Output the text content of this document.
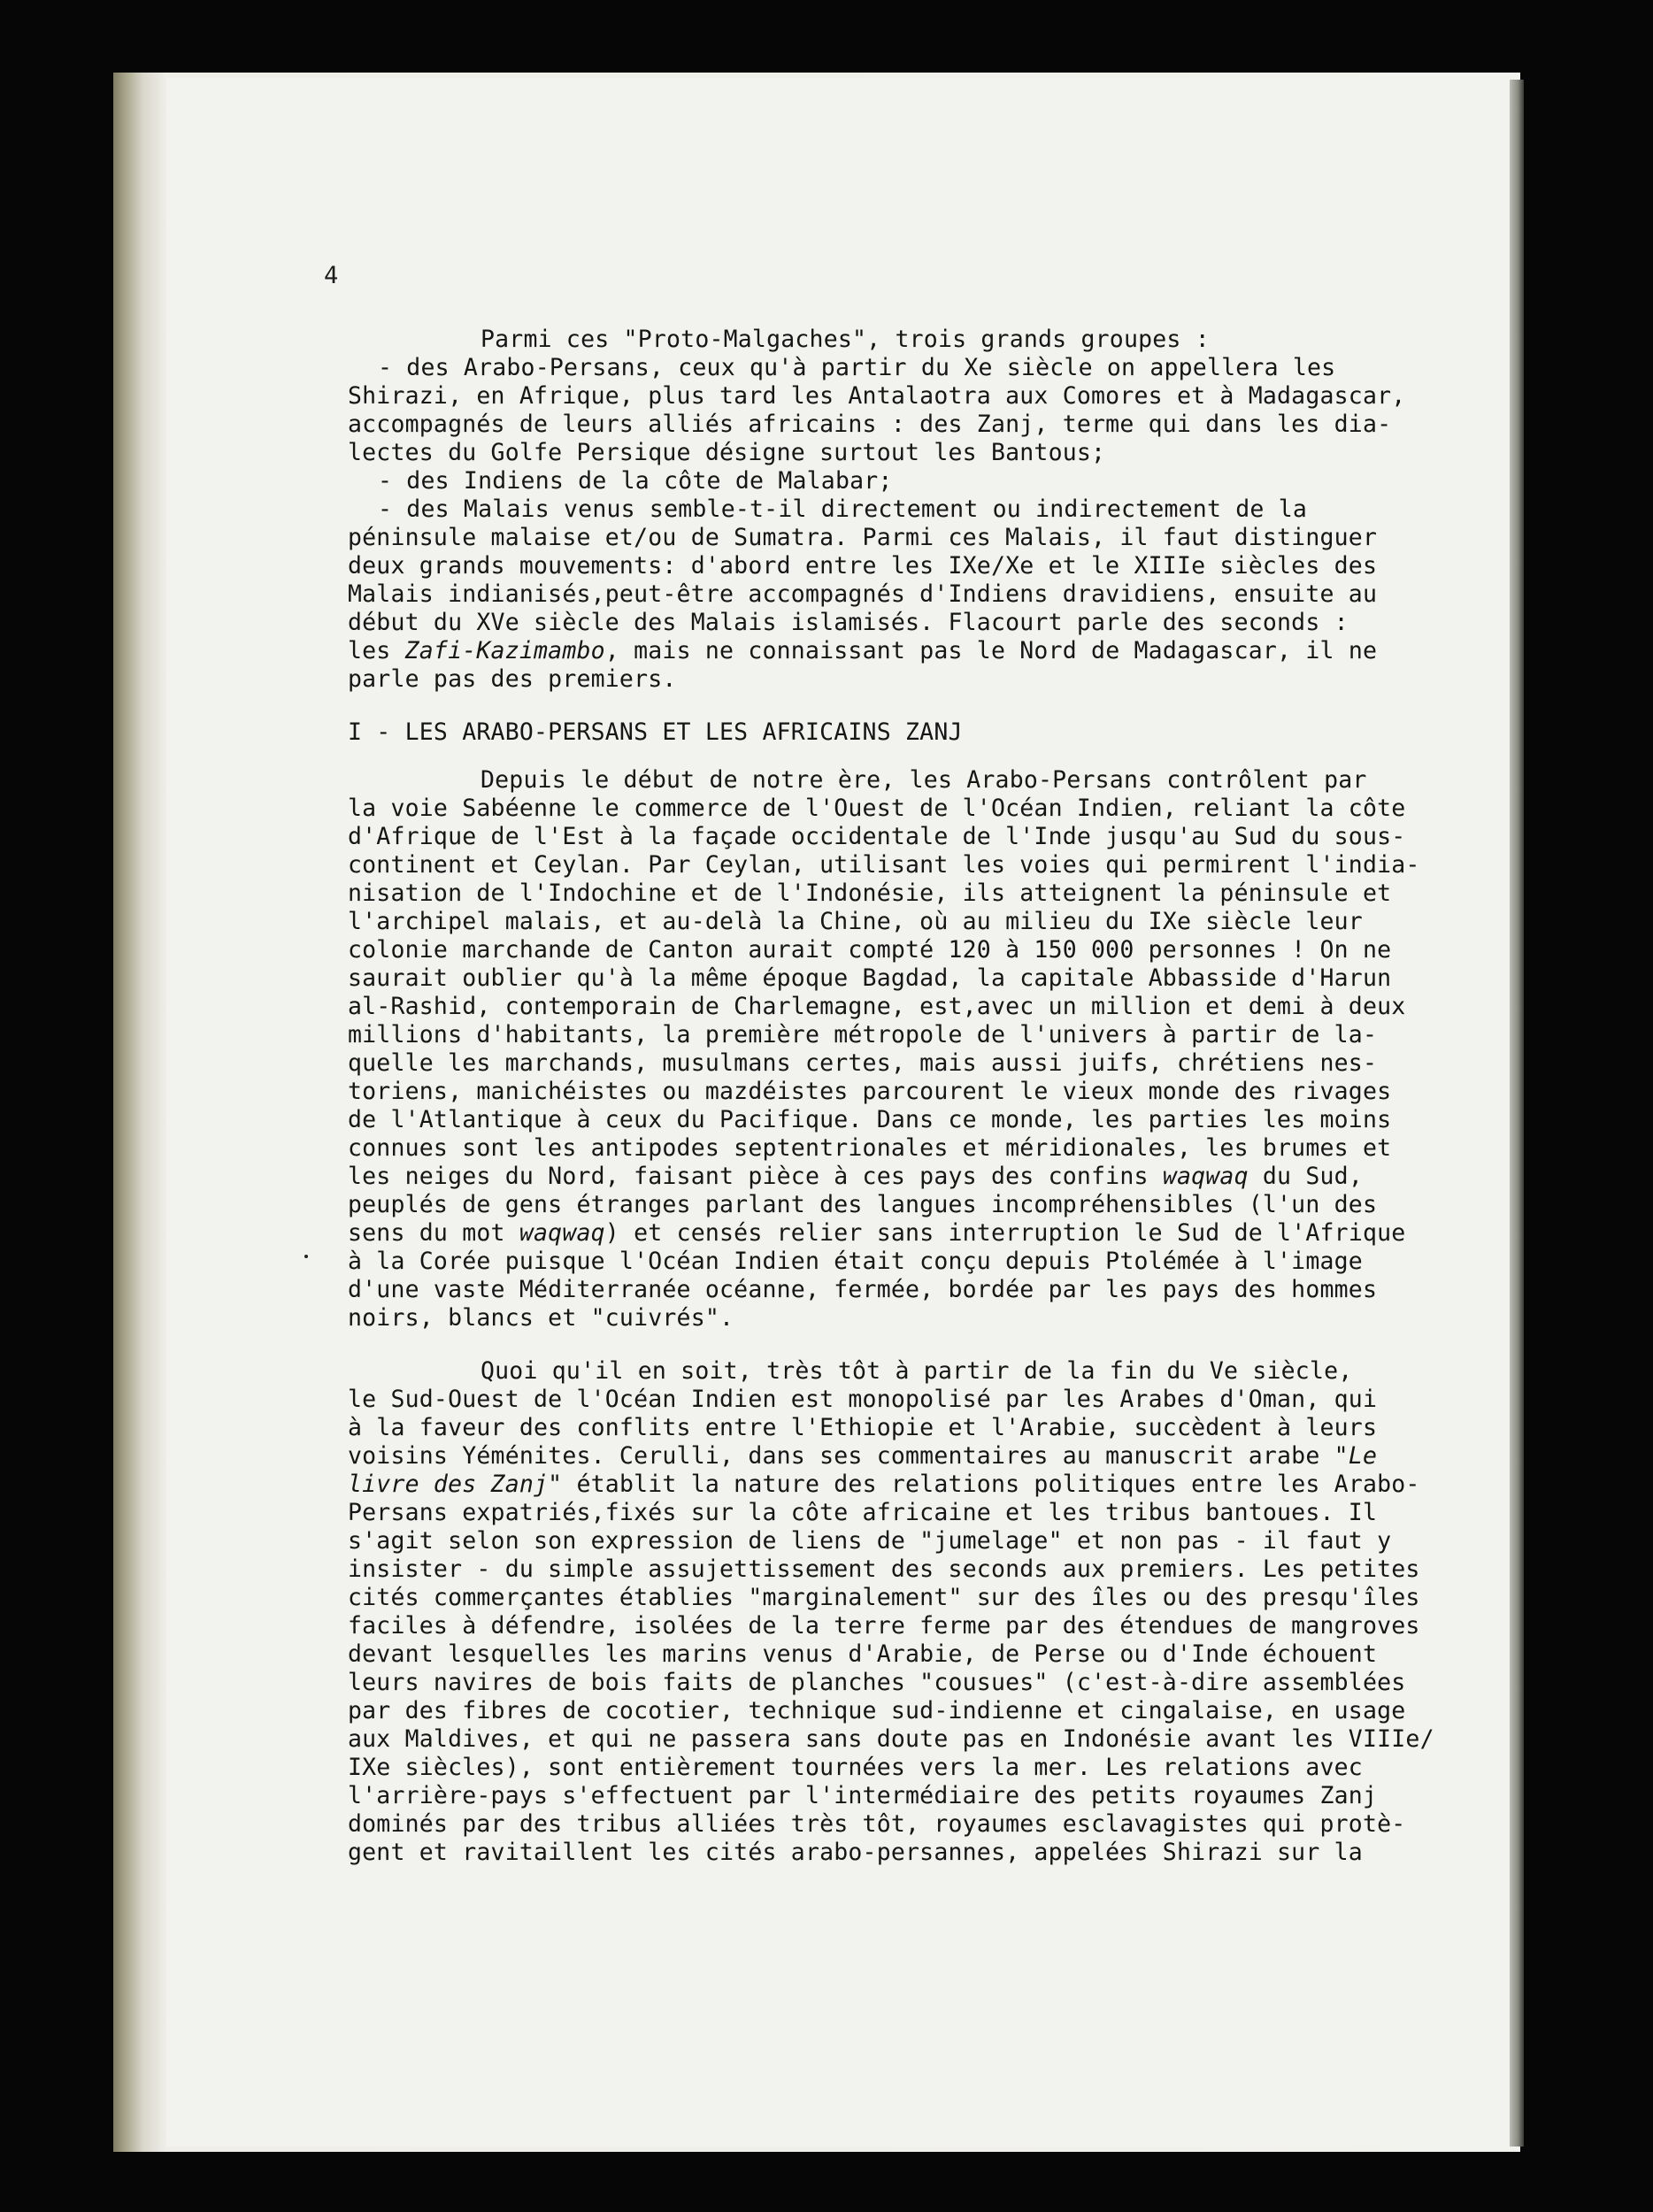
4
Parmi ces "Proto-Malgaches", trois grands groupes :
- des Arabo-Persans, ceux qu'à partir du Xe siècle on appellera les
Shirazi, en Afrique, plus tard les Antalaotra aux Comores et à Madagascar,
accompagnés de leurs alliés africains : des Zanj, terme qui dans les dia-
lectes du Golfe Persique désigne surtout les Bantous;
- des Indiens de la côte de Malabar;
- des Malais venus semble-t-il directement ou indirectement de la
péninsule malaise et/ou de Sumatra. Parmi ces Malais, il faut distinguer
deux grands mouvements: d'abord entre les IXe/Xe et le XIIIe siècles des
Malais indianisés,peut-être accompagnés d'Indiens dravidiens, ensuite au
début du XVe siècle des Malais islamisés. Flacourt parle des seconds :
les Zafi-Kazimambo, mais ne connaissant pas le Nord de Madagascar, il ne
parle pas des premiers.
I - LES ARABO-PERSANS ET LES AFRICAINS ZANJ
Depuis le début de notre ère, les Arabo-Persans contrôlent par
la voie Sabéenne le commerce de l'Ouest de l'Océan Indien, reliant la côte
d'Afrique de l'Est à la façade occidentale de l'Inde jusqu'au Sud du sous-
continent et Ceylan. Par Ceylan, utilisant les voies qui permirent l'india-
nisation de l'Indochine et de l'Indonésie, ils atteignent la péninsule et
l'archipel malais, et au-delà la Chine, où au milieu du IXe siècle leur
colonie marchande de Canton aurait compté 120 à 150 000 personnes ! On ne
saurait oublier qu'à la même époque Bagdad, la capitale Abbasside d'Harun
al-Rashid, contemporain de Charlemagne, est,avec un million et demi à deux
millions d'habitants, la première métropole de l'univers à partir de la-
quelle les marchands, musulmans certes, mais aussi juifs, chrétiens nes-
toriens, manichéistes ou mazdéistes parcourent le vieux monde des rivages
de l'Atlantique à ceux du Pacifique. Dans ce monde, les parties les moins
connues sont les antipodes septentrionales et méridionales, les brumes et
les neiges du Nord, faisant pièce à ces pays des confins waqwaq du Sud,
peuplés de gens étranges parlant des langues incompréhensibles (l'un des
sens du mot waqwaq) et censés relier sans interruption le Sud de l'Afrique
à la Corée puisque l'Océan Indien était conçu depuis Ptolémée à l'image
d'une vaste Méditerranée océanne, fermée, bordée par les pays des hommes
noirs, blancs et "cuivrés".
Quoi qu'il en soit, très tôt à partir de la fin du Ve siècle,
le Sud-Ouest de l'Océan Indien est monopolisé par les Arabes d'Oman, qui
à la faveur des conflits entre l'Ethiopie et l'Arabie, succèdent à leurs
voisins Yéménites. Cerulli, dans ses commentaires au manuscrit arabe "Le
livre des Zanj" établit la nature des relations politiques entre les Arabo-
Persans expatriés,fixés sur la côte africaine et les tribus bantoues. Il
s'agit selon son expression de liens de "jumelage" et non pas - il faut y
insister - du simple assujettissement des seconds aux premiers. Les petites
cités commerçantes établies "marginalement" sur des îles ou des presqu'îles
faciles à défendre, isolées de la terre ferme par des étendues de mangroves
devant lesquelles les marins venus d'Arabie, de Perse ou d'Inde échouent
leurs navires de bois faits de planches "cousues" (c'est-à-dire assemblées
par des fibres de cocotier, technique sud-indienne et cingalaise, en usage
aux Maldives, et qui ne passera sans doute pas en Indonésie avant les VIIIe/
IXe siècles), sont entièrement tournées vers la mer. Les relations avec
l'arrière-pays s'effectuent par l'intermédiaire des petits royaumes Zanj
dominés par des tribus alliées très tôt, royaumes esclavagistes qui protè-
gent et ravitaillent les cités arabo-persannes, appelées Shirazi sur la
